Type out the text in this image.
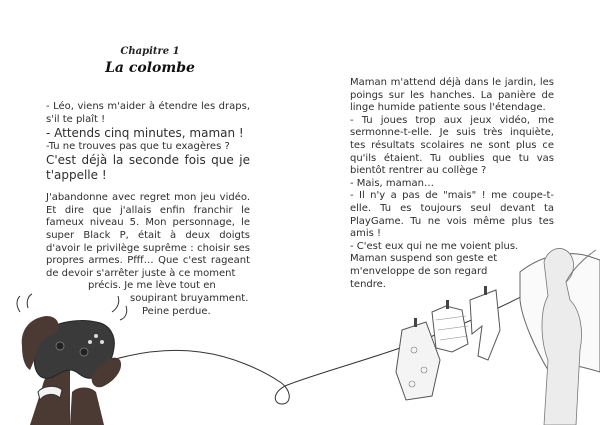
Chapitre 1

La colombe

- Léo, viens m'aider à étendre les draps, s'il te plaît !

- Attends cinq minutes, maman !

-Tu ne trouves pas que tu exagères ?

C'est déjà la seconde fois que je t'appelle !

J'abandonne avec regret mon jeu vidéo. Et dire que j'allais enfin franchir le fameux niveau 5. Mon personnage, le super Black P, était à deux doigts d'avoir le privilège suprême : choisir ses propres armes. Pfff… Que c'est rageant de devoir s'arrêter juste à ce moment

précis. Je me lève tout en

soupirant bruyamment.

Peine perdue.

Maman m'attend déjà dans le jardin, les poings sur les hanches. La panière de linge humide patiente sous l'étendage.

- Tu joues trop aux jeux vidéo, me sermonne-t-elle. Je suis très inquiète, tes résultats scolaires ne sont plus ce qu'ils étaient. Tu oublies que tu vas bientôt rentrer au collège ?

- Mais, maman…

- Il n'y a pas de "mais" ! me coupe-t-elle. Tu es toujours seul devant ta PlayGame. Tu ne vois même plus tes amis !

- C'est eux qui ne me voient plus.

Maman suspend son geste et

m'enveloppe de son regard

tendre.
